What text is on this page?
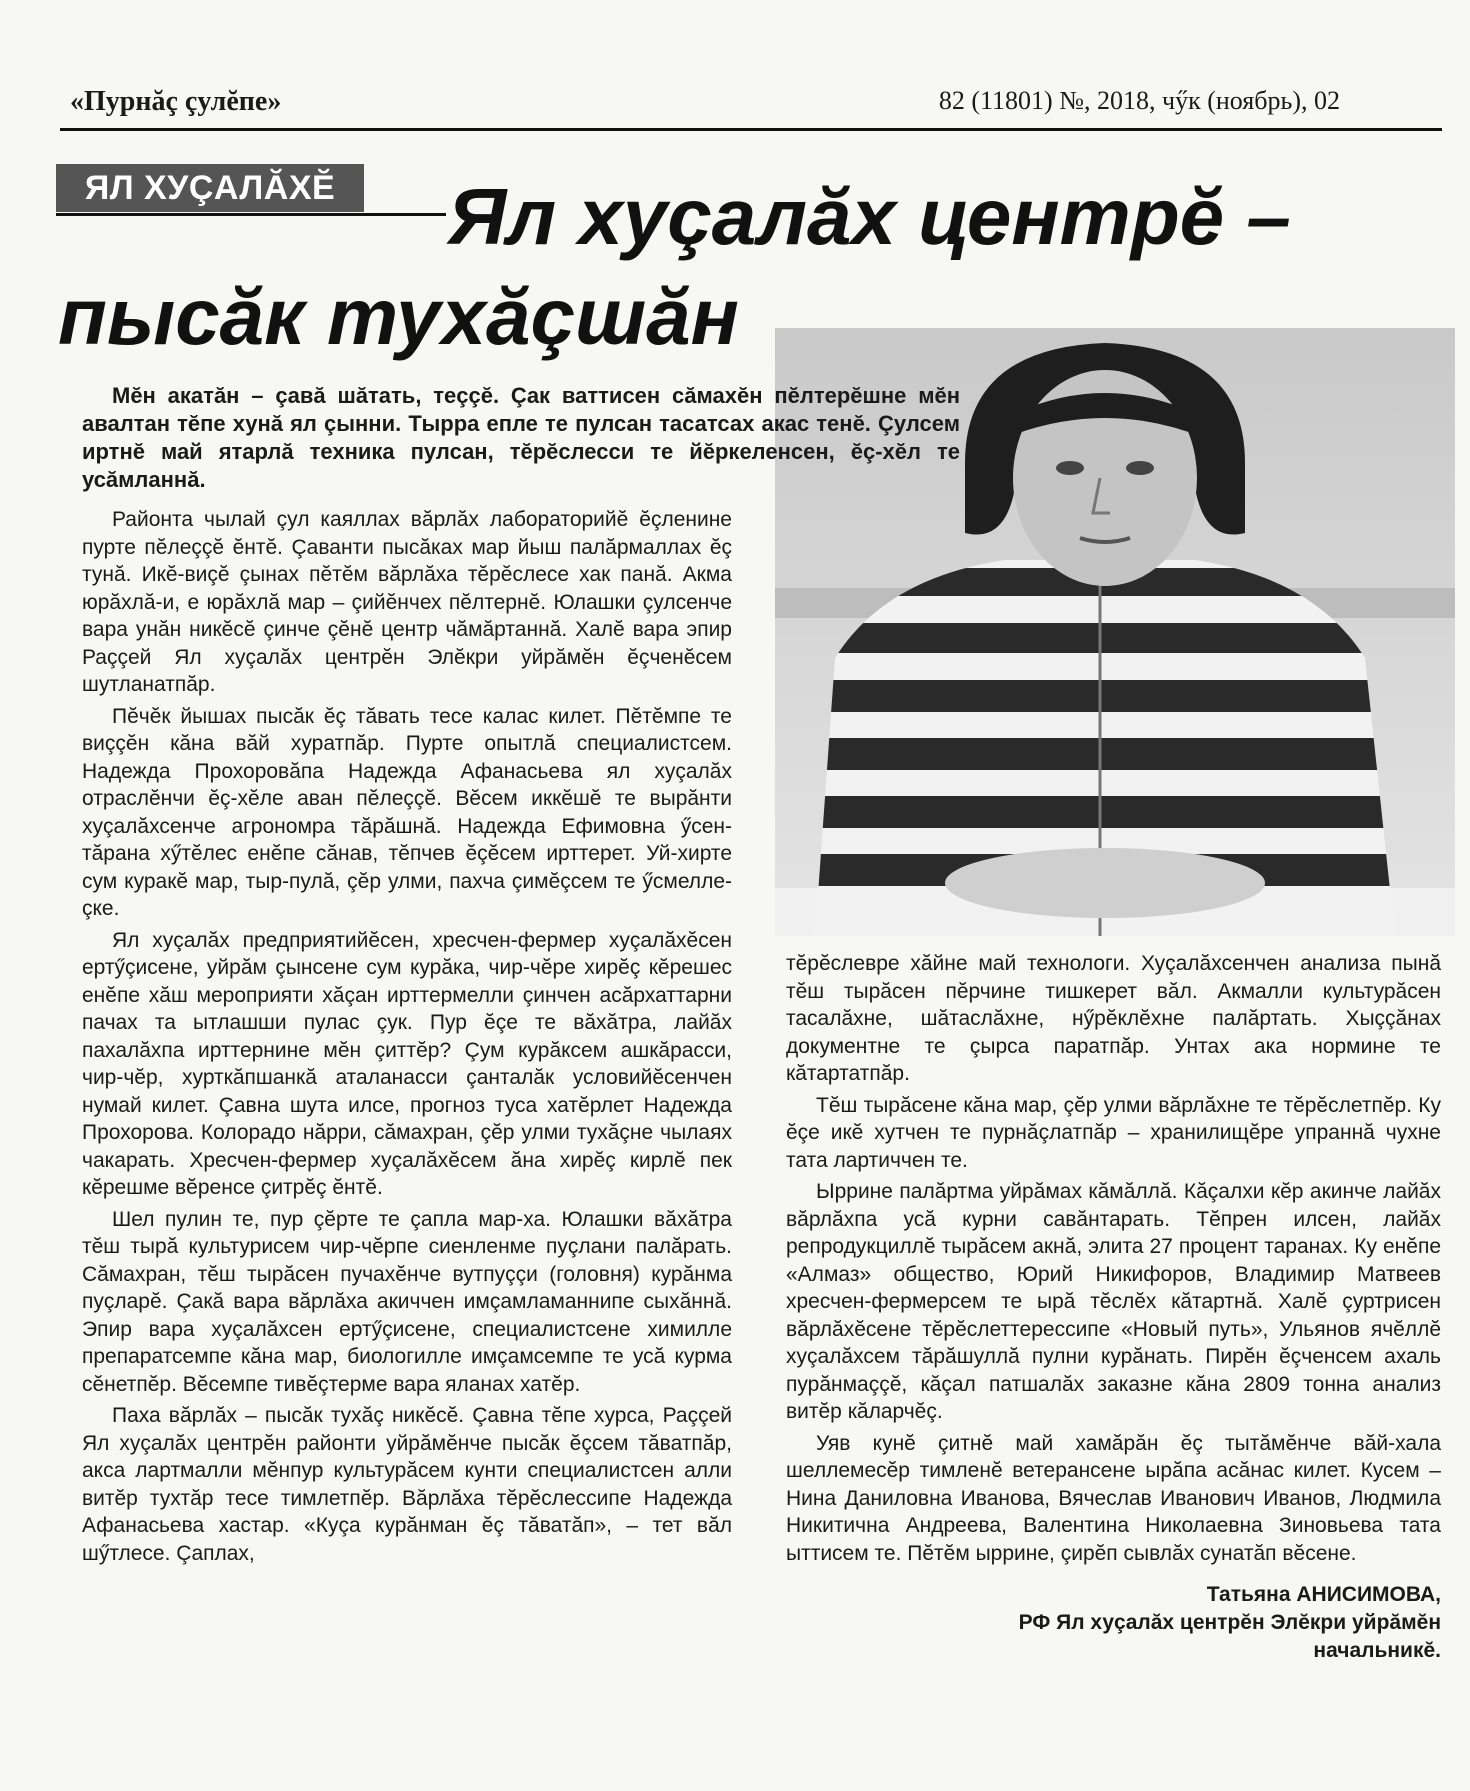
«Пурнăç çулĕпе»	82 (11801) №, 2018, чӳк (ноябрь), 02
ЯЛ ХУÇАЛĂХĔ	Ял хуçалăх центрĕ –
пысăк тухăçшăн

Мĕн акатăн – çавă шăтать, теççĕ. Çак ваттисен сăмахĕн пĕлтерĕшне мĕн авалтан тĕпе хунă ял çынни. Тырра епле те пулсан тасатсах акас тенĕ. Çулсем иртнĕ май ятарлă техника пулсан, тĕрĕслесси те йĕркеленсен, ĕç-хĕл те усăмланнă.

Районта чылай çул каяллах вăрлăх лабораторийĕ ĕçленине пурте пĕлеççĕ ĕнтĕ. Çаванти пысăках мар йыш палăрмаллах ĕç тунă. Икĕ-виçĕ çынах пĕтĕм вăрлăха тĕрĕслесе хак панă. Акма юрăхлă-и, е юрăхлă мар – çийĕнчех пĕлтернĕ. Юлашки çулсенче вара унăн никĕсĕ çинче çĕнĕ центр чăмăртаннă. Халĕ вара эпир Раççей Ял хуçалăх центрĕн Элĕкри уйрăмĕн ĕçченĕсем шутланатпăр.

Пĕчĕк йышах пысăк ĕç тăвать тесе калас килет. Пĕтĕмпе те виççĕн кăна вăй хуратпăр. Пурте опытлă специалистсем. Надежда Прохоровăпа Надежда Афанасьева ял хуçалăх отраслĕнчи ĕç-хĕле аван пĕлеççĕ. Вĕсем иккĕшĕ те вырăнти хуçалăхсенче агрономра тăрăшнă. Надежда Ефимовна ӳсен-тăрана хӳтĕлес енĕпе сăнав, тĕпчев ĕçĕсем ирттерет. Уй-хирте сум куракĕ мар, тыр-пулă, çĕр улми, пахча çимĕçсем те ӳсмелле-çке.

Ял хуçалăх предприятийĕсен, хресчен-фермер хуçалăхĕсен ертӳçисене, уйрăм çынсене сум курăка, чир-чĕре хирĕç кĕрешес енĕпе хăш мероприяти хăçан ирттермелли çинчен асăрхаттарни пачах та ытлашши пулас çук. Пур ĕçе те вăхăтра, лайăх пахалăхпа ирттернине мĕн çиттĕр? Çум курăксем ашкăрасси, чир-чĕр, хурткăпшанкă аталанасси çанталăк условийĕсенчен нумай килет. Çавна шута илсе, прогноз туса хатĕрлет Надежда Прохорова. Колорадо нăрри, сăмахран, çĕр улми тухăçне чылаях чакарать. Хресчен-фермер хуçалăхĕсем ăна хирĕç кирлĕ пек кĕрешме вĕренсе çитрĕç ĕнтĕ.

Шел пулин те, пур çĕрте те çапла мар-ха. Юлашки вăхăтра тĕш тырă культурисем чир-чĕрпе сиенленме пуçлани палăрать. Сăмахран, тĕш тырăсен пучахĕнче вутпуççи (головня) курăнма пуçларĕ. Çакă вара вăрлăха акиччен имçамламаннипе сыхăннă. Эпир вара хуçалăхсен ертӳçисене, специалистсене химилле препаратсемпе кăна мар, биологилле имçамсемпе те усă курма сĕнетпĕр. Вĕсемпе тивĕçтерме вара яланах хатĕр.

Паха вăрлăх – пысăк тухăç никĕсĕ. Çавна тĕпе хурса, Раççей Ял хуçалăх центрĕн районти уйрăмĕнче пысăк ĕçсем тăватпăр, акса лартмалли мĕнпур культурăсем кунти специалистсен алли витĕр тухтăр тесе тимлетпĕр. Вăрлăха тĕрĕслессипе Надежда Афанасьева хастар. «Куçа курăнман ĕç тăватăп», – тет вăл шӳтлесе. Çаплах,

тĕрĕслевре хăйне май технологи. Хуçалăхсенчен анализа пынă тĕш тырăсен пĕрчине тишкерет вăл. Акмалли культурăсен тасалăхне, шăтаслăхне, нӳрĕклĕхне палăртать. Хыççăнах документне те çырса паратпăр. Унтах ака нормине те кăтартатпăр.

Тĕш тырăсене кăна мар, çĕр улми вăрлăхне те тĕрĕслетпĕр. Ку ĕçе икĕ хутчен те пурнăçлатпăр – хранилищĕре упраннă чухне тата лартиччен те.

Ыррине палăртма уйрăмах кăмăллă. Кăçалхи кĕр акинче лайăх вăрлăхпа усă курни савăнтарать. Тĕпрен илсен, лайăх репродукциллĕ тырăсем акнă, элита 27 процент таранах. Ку енĕпе «Алмаз» общество, Юрий Никифоров, Владимир Матвеев хресчен-фермерсем те ырă тĕслĕх кăтартнă. Халĕ çуртрисен вăрлăхĕсене тĕрĕслеттерессипе «Новый путь», Ульянов ячĕллĕ хуçалăхсем тăрăшуллă пулни курăнать. Пирĕн ĕçченсем ахаль пурăнмаççĕ, кăçал патшалăх заказне кăна 2809 тонна анализ витĕр кăларчĕç.

Уяв кунĕ çитнĕ май хамăрăн ĕç тытăмĕнче вăй-хала шеллемесĕр тимленĕ ветерансене ырăпа асăнас килет. Кусем – Нина Даниловна Иванова, Вячеслав Иванович Иванов, Людмила Никитична Андреева, Валентина Николаевна Зиновьева тата ыттисем те. Пĕтĕм ыррине, çирĕп сывлăх сунатăп вĕсене.

Татьяна АНИСИМОВА,
РФ Ял хуçалăх центрĕн Элĕкри уйрăмĕн
начальникĕ.
